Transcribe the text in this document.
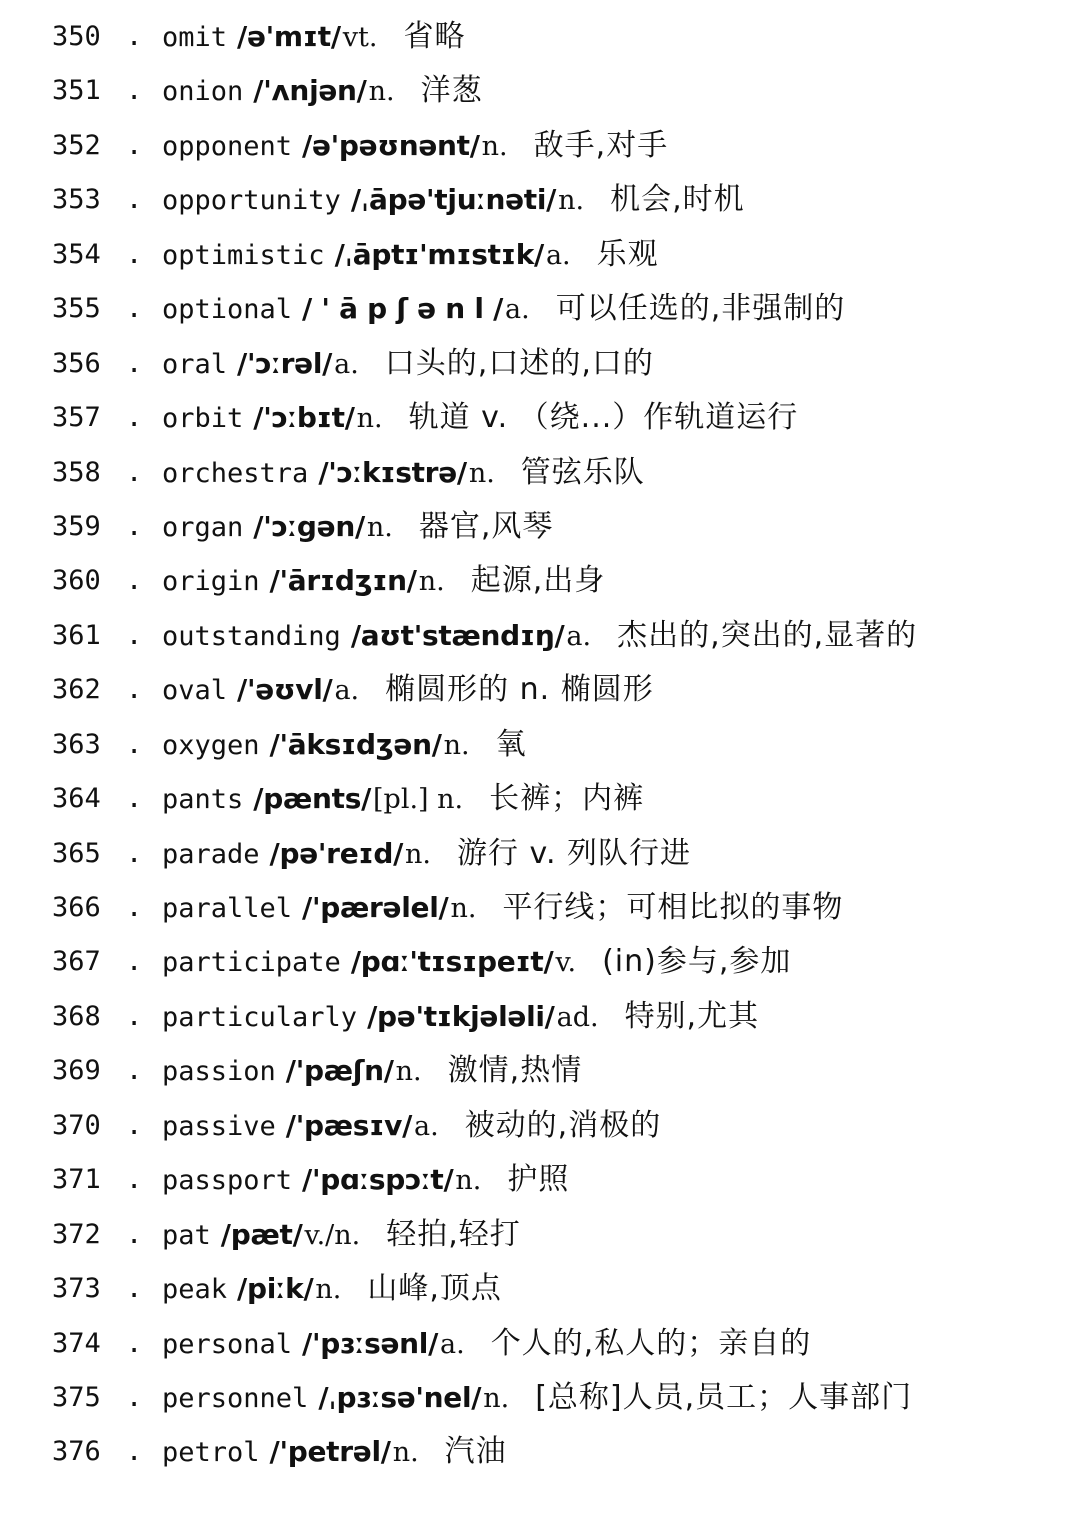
350 . omit /ə'mɪt/vt. 省略
351 . onion /'ʌnjən/n. 洋葱
352 . opponent /ə'pəʊnənt/n. 敌手,对手
353 . opportunity /ˌāpə'tjuːnəti/n. 机会,时机
354 . optimistic /ˌāptɪ'mɪstɪk/a. 乐观
355 . optional / ' ā p ʃ ə n l /a. 可以任选的,非强制的
356 . oral /'ɔːrəl/a. 口头的,口述的,口的
357 . orbit /'ɔːbɪt/n. 轨道 v. （绕...）作轨道运行
358 . orchestra /'ɔːkɪstrə/n. 管弦乐队
359 . organ /'ɔːgən/n. 器官,风琴
360 . origin /'ārɪdʒɪn/n. 起源,出身
361 . outstanding /aʊt'stændɪŋ/a. 杰出的,突出的,显著的
362 . oval /'əʊvl/a. 椭圆形的 n. 椭圆形
363 . oxygen /'āksɪdʒən/n. 氧
364 . pants /pænts/[pl.] n. 长裤；内裤
365 . parade /pə'reɪd/n. 游行 v. 列队行进
366 . parallel /'pærəlel/n. 平行线；可相比拟的事物
367 . participate /pɑː'tɪsɪpeɪt/v. (in)参与,参加
368 . particularly /pə'tɪkjələli/ad. 特别,尤其
369 . passion /'pæʃn/n. 激情,热情
370 . passive /'pæsɪv/a. 被动的,消极的
371 . passport /'pɑːspɔːt/n. 护照
372 . pat /pæt/v./n. 轻拍,轻打
373 . peak /piːk/n. 山峰,顶点
374 . personal /'pɜːsənl/a. 个人的,私人的；亲自的
375 . personnel /ˌpɜːsə'nel/n. [总称]人员,员工；人事部门
376 . petrol /'petrəl/n. 汽油
